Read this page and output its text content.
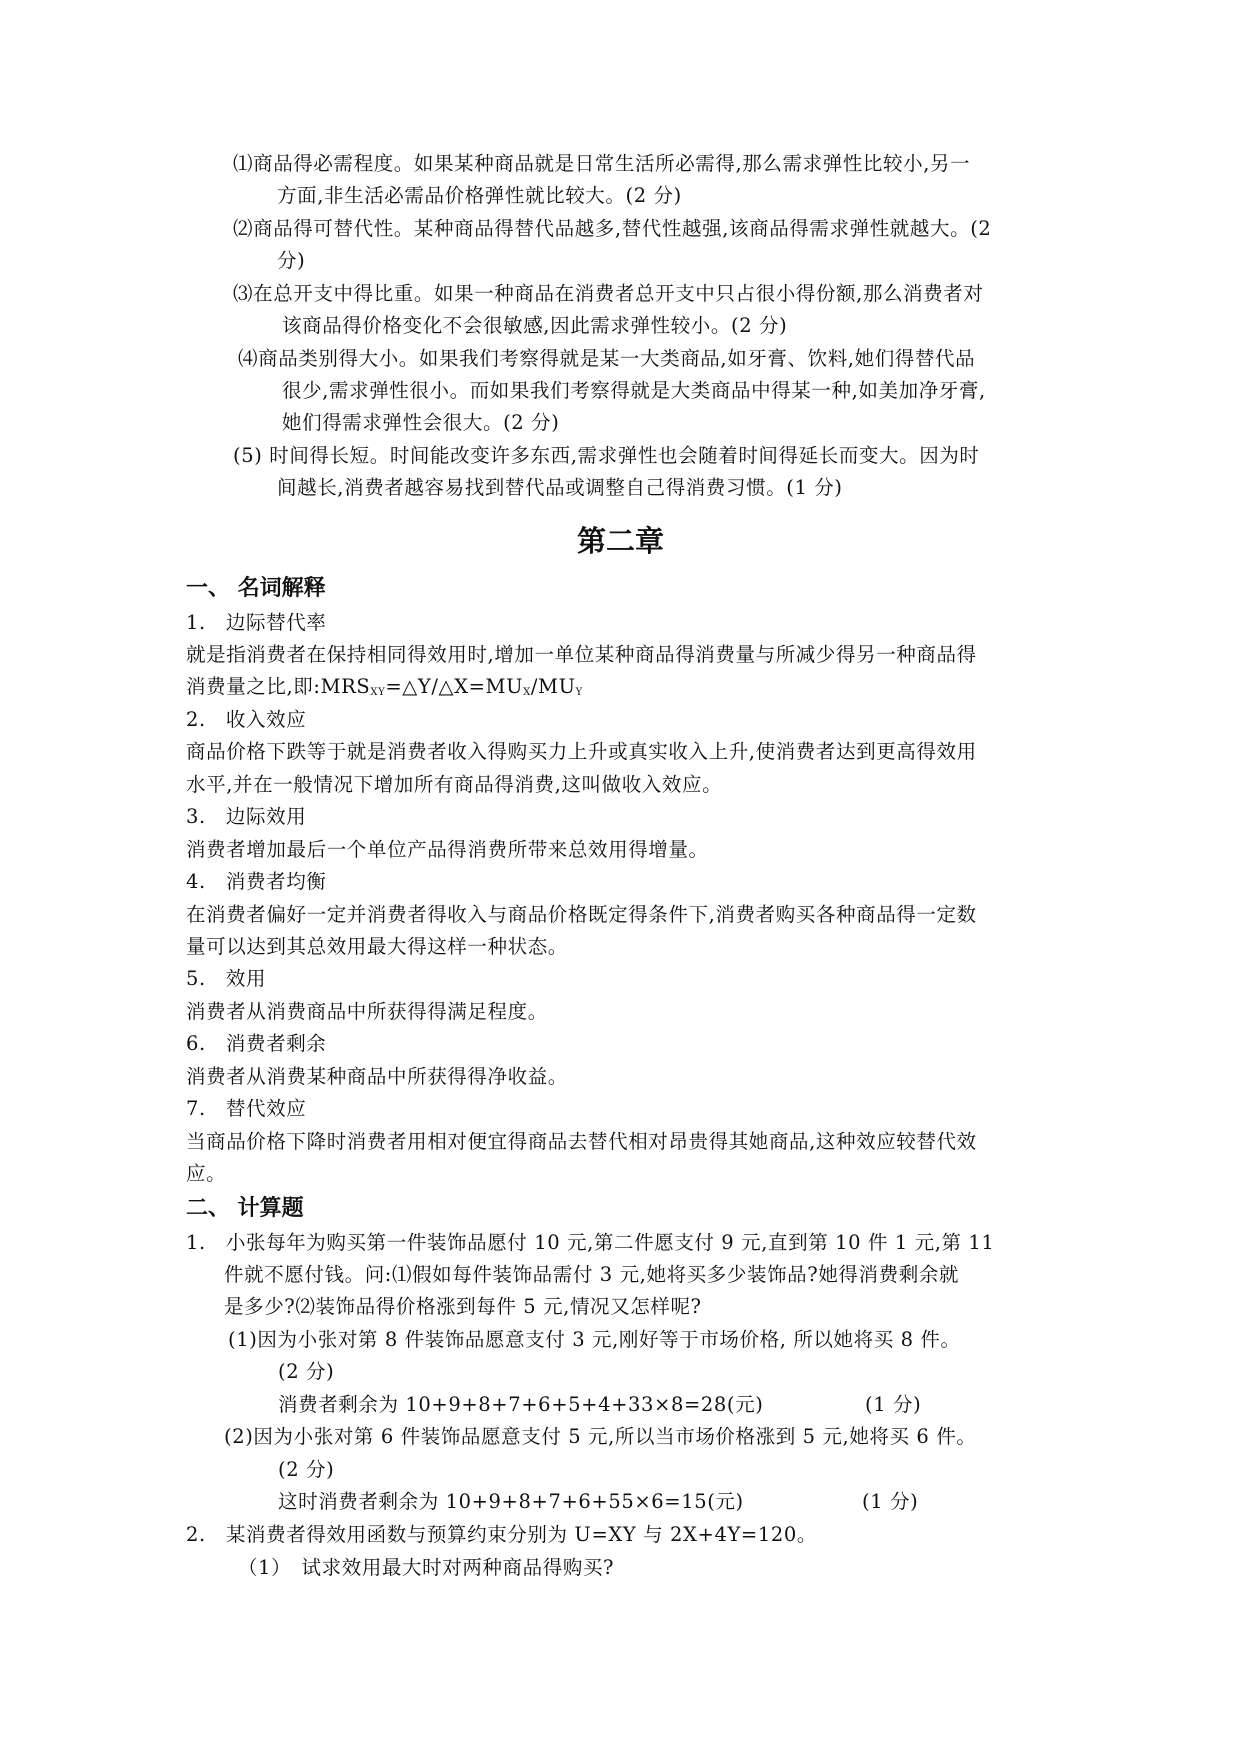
⑴商品得必需程度。如果某种商品就是日常生活所必需得,那么需求弹性比较小,另一

方面,非生活必需品价格弹性就比较大。(2 分)

⑵商品得可替代性。某种商品得替代品越多,替代性越强,该商品得需求弹性就越大。(2

分)

⑶在总开支中得比重。如果一种商品在消费者总开支中只占很小得份额,那么消费者对

该商品得价格变化不会很敏感,因此需求弹性较小。(2 分)

⑷商品类别得大小。如果我们考察得就是某一大类商品,如牙膏、饮料,她们得替代品

很少,需求弹性很小。而如果我们考察得就是大类商品中得某一种,如美加净牙膏,

她们得需求弹性会很大。(2 分)

(5) 时间得长短。时间能改变许多东西,需求弹性也会随着时间得延长而变大。因为时

间越长,消费者越容易找到替代品或调整自己得消费习惯。(1 分)

第二章
一、 名词解释

1.　边际替代率

就是指消费者在保持相同得效用时,增加一单位某种商品得消费量与所减少得另一种商品得

消费量之比,即$:MRS_{XY}=\triangle Y/\triangle X=MU_X/MU_Y$

2.　收入效应

商品价格下跌等于就是消费者收入得购买力上升或真实收入上升,使消费者达到更高得效用

水平,并在一般情况下增加所有商品得消费,这叫做收入效应。

3.　边际效用

消费者增加最后一个单位产品得消费所带来总效用得增量。

4.　消费者均衡

在消费者偏好一定并消费者得收入与商品价格既定得条件下,消费者购买各种商品得一定数

量可以达到其总效用最大得这样一种状态。

5.　效用

消费者从消费商品中所获得得满足程度。

6.　消费者剩余

消费者从消费某种商品中所获得得净收益。

7.　替代效应

当商品价格下降时消费者用相对便宜得商品去替代相对昂贵得其她商品,这种效应较替代效

应。

二、 计算题

1.　小张每年为购买第一件装饰品愿付 10 元,第二件愿支付 9 元,直到第 10 件 1 元,第 11

件就不愿付钱。问:⑴假如每件装饰品需付 3 元,她将买多少装饰品?她得消费剩余就

是多少?⑵装饰品得价格涨到每件 5 元,情况又怎样呢?

(1)因为小张对第 8 件装饰品愿意支付 3 元,刚好等于市场价格, 所以她将买 8 件。

(2 分)

消费者剩余为 10+9+8+7+6+5+4+33×8=28(元)	(1 分)

(2)因为小张对第 6 件装饰品愿意支付 5 元,所以当市场价格涨到 5 元,她将买 6 件。

(2 分)

这时消费者剩余为 10+9+8+7+6+55×6=15(元)	(1 分)

2.　某消费者得效用函数与预算约束分别为 U=XY 与 2X+4Y=120。

（1）　试求效用最大时对两种商品得购买?
